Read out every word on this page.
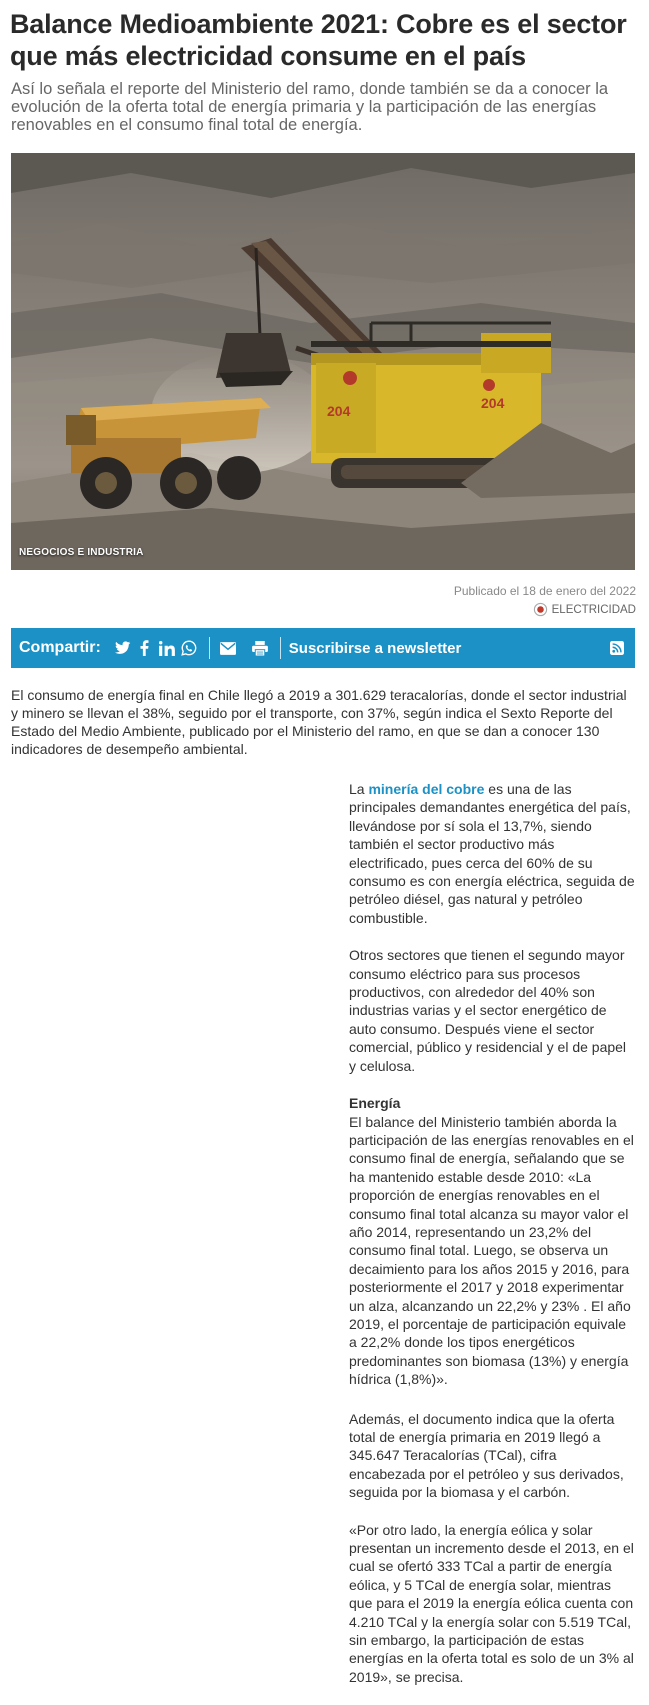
Balance Medioambiente 2021: Cobre es el sector que más electricidad consume en el país

Así lo señala el reporte del Ministerio del ramo, donde también se da a conocer la evolución de la oferta total de energía primaria y la participación de las energías renovables en el consumo final total de energía.

204	204
NEGOCIOS E INDUSTRIA
Publicado el 18 de enero del 2022
ELECTRICIDAD
Compartir:	Suscribirse a newsletter

El consumo de energía final en Chile llegó a 2019 a 301.629 teracalorías, donde el sector industrial y minero se llevan el 38%, seguido por el transporte, con 37%, según indica el Sexto Reporte del Estado del Medio Ambiente, publicado por el Ministerio del ramo, en que se dan a conocer 130 indicadores de desempeño ambiental.

La minería del cobre es una de las principales demandantes energética del país, llevándose por sí sola el 13,7%, siendo también el sector productivo más electrificado, pues cerca del 60% de su consumo es con energía eléctrica, seguida de petróleo diésel, gas natural y petróleo combustible.

Otros sectores que tienen el segundo mayor consumo eléctrico para sus procesos productivos, con alrededor del 40% son industrias varias y el sector energético de auto consumo. Después viene el sector comercial, público y residencial y el de papel y celulosa.

Energía
El balance del Ministerio también aborda la participación de las energías renovables en el consumo final de energía, señalando que se ha mantenido estable desde 2010: «La proporción de energías renovables en el consumo final total alcanza su mayor valor el año 2014, representando un 23,2% del consumo final total. Luego, se observa un decaimiento para los años 2015 y 2016, para posteriormente el 2017 y 2018 experimentar un alza, alcanzando un 22,2% y 23% . El año 2019, el porcentaje de participación equivale a 22,2% donde los tipos energéticos predominantes son biomasa (13%) y energía hídrica (1,8%)».

Además, el documento indica que la oferta total de energía primaria en 2019 llegó a 345.647 Teracalorías (TCal), cifra encabezada por el petróleo y sus derivados, seguida por la biomasa y el carbón.

«Por otro lado, la energía eólica y solar presentan un incremento desde el 2013, en el cual se ofertó 333 TCal a partir de energía eólica, y 5 TCal de energía solar, mientras que para el 2019 la energía eólica cuenta con 4.210 TCal y la energía solar con 5.519 TCal, sin embargo, la participación de estas energías en la oferta total es solo de un 3% al 2019», se precisa.
